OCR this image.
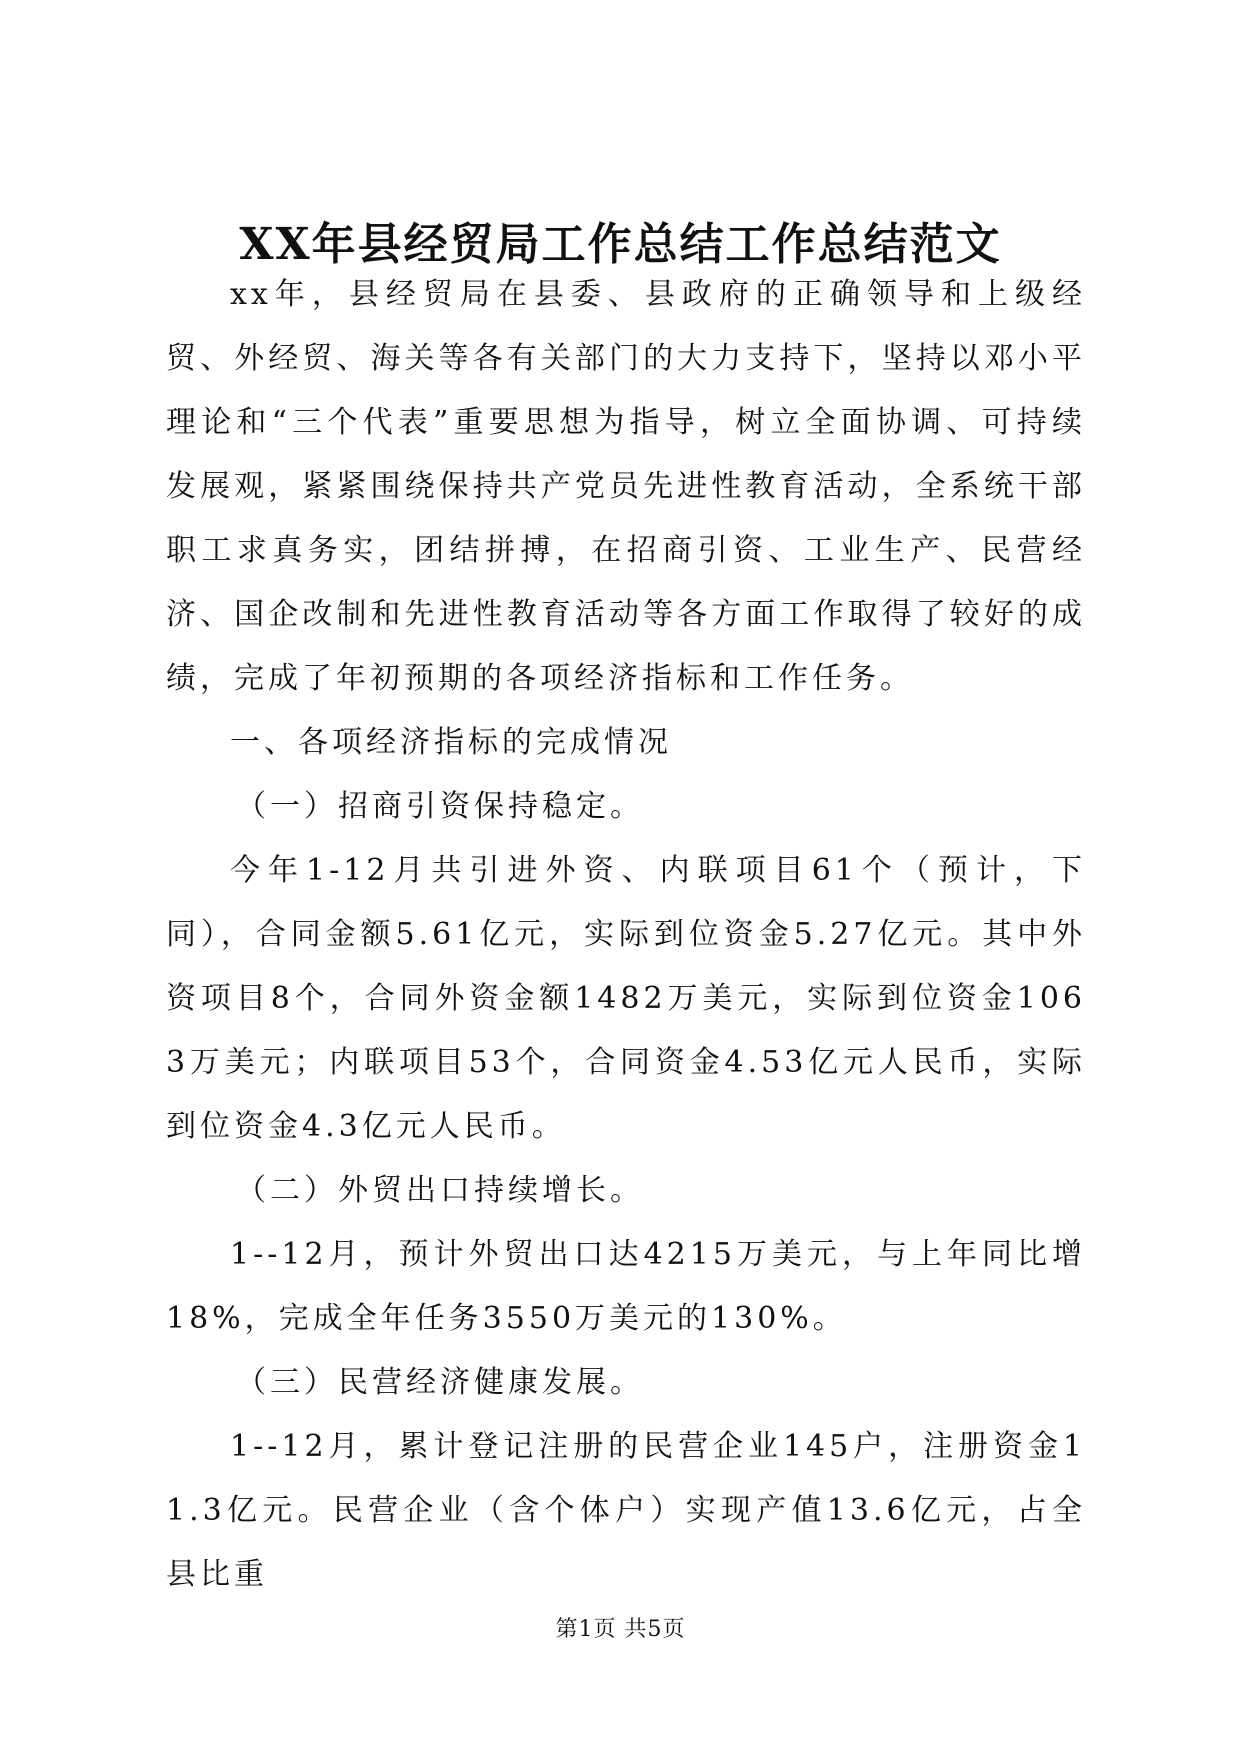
XX年县经贸局工作总结工作总结范文

xx年，县经贸局在县委、县政府的正确领导和上级经贸、外经贸、海关等各有关部门的大力支持下，坚持以邓小平理论和“三个代表”重要思想为指导，树立全面协调、可持续发展观，紧紧围绕保持共产党员先进性教育活动，全系统干部职工求真务实，团结拼搏，在招商引资、工业生产、民营经济、国企改制和先进性教育活动等各方面工作取得了较好的成绩，完成了年初预期的各项经济指标和工作任务。

一、各项经济指标的完成情况

（一）招商引资保持稳定。

今年1-12月共引进外资、内联项目61个（预计，下同），合同金额5.61亿元，实际到位资金5.27亿元。其中外资项目8个，合同外资金额1482万美元，实际到位资金1063万美元；内联项目53个，合同资金4.53亿元人民币，实际到位资金4.3亿元人民币。

（二）外贸出口持续增长。

1--12月，预计外贸出口达4215万美元，与上年同比增18%，完成全年任务3550万美元的130%。

（三）民营经济健康发展。

1--12月，累计登记注册的民营企业145户，注册资金11.3亿元。民营企业（含个体户）实现产值13.6亿元，占全县比重

第1页 共5页
